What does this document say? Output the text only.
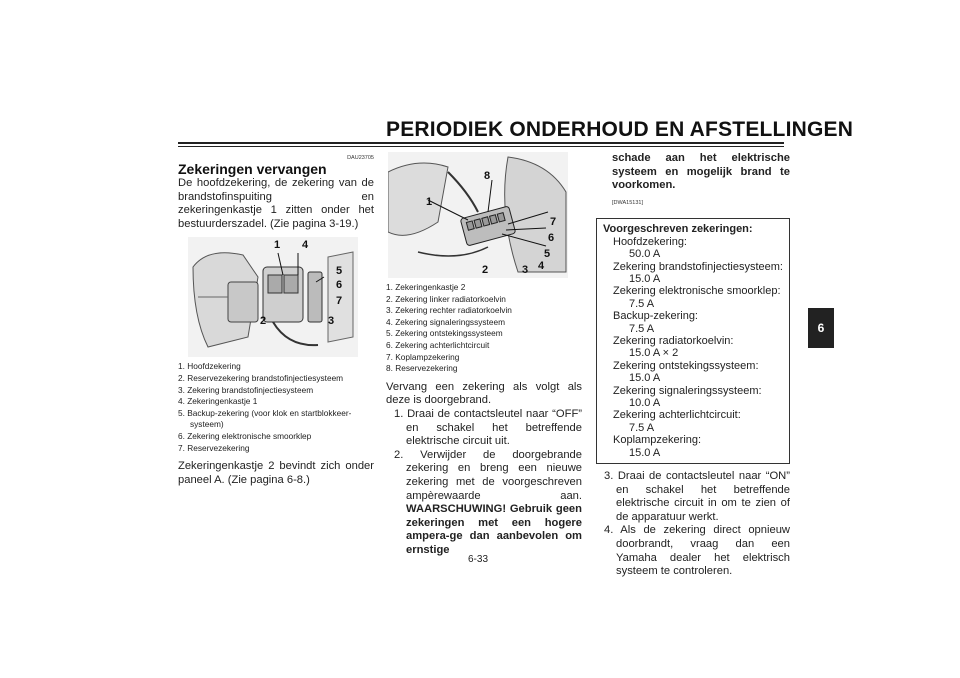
PERIODIEK ONDERHOUD EN AFSTELLINGEN
6
DAU23705
Zekeringen vervangen
De hoofdzekering, de zekering van de brandstofinspuiting en zekeringenkastje 1 zitten onder het bestuurderszadel. (Zie pagina 3-19.)
1 4
5
6
7
2	3
1. Hoofdzekering
2. Reservezekering brandstofinjectiesysteem
3. Zekering brandstofinjectiesysteem
4. Zekeringenkastje 1
5. Backup-zekering (voor klok en startblokkeer-systeem)
6. Zekering elektronische smoorklep
7. Reservezekering
Zekeringenkastje 2 bevindt zich onder paneel A. (Zie pagina 6-8.)
8
1
7
6
5
4
2	3
1. Zekeringenkastje 2
2. Zekering linker radiatorkoelvin
3. Zekering rechter radiatorkoelvin
4. Zekering signaleringssysteem
5. Zekering ontstekingssysteem
6. Zekering achterlichtcircuit
7. Koplampzekering
8. Reservezekering
Vervang een zekering als volgt als deze is doorgebrand.
1. Draai de contactsleutel naar “OFF” en schakel het betreffende elektrische circuit uit.
2. Verwijder de doorgebrande zekering en breng een nieuwe zekering met de voorgeschreven ampèrewaarde aan. WAARSCHUWING! Gebruik geen zekeringen met een hogere ampera-ge dan aanbevolen om ernstige
schade aan het elektrische systeem en mogelijk brand te voorkomen.
[DWA15131]
Voorgeschreven zekeringen:
Hoofdzekering:
50.0 A
Zekering brandstofinjectiesysteem:
15.0 A
Zekering elektronische smoorklep:
7.5 A
Backup-zekering:
7.5 A
Zekering radiatorkoelvin:
15.0 A × 2
Zekering ontstekingssysteem:
15.0 A
Zekering signaleringssysteem:
10.0 A
Zekering achterlichtcircuit:
7.5 A
Koplampzekering:
15.0 A
3. Draai de contactsleutel naar “ON” en schakel het betreffende elektrische circuit in om te zien of de apparatuur werkt.
4. Als de zekering direct opnieuw doorbrandt, vraag dan een Yamaha dealer het elektrisch systeem te controleren.
6-33
